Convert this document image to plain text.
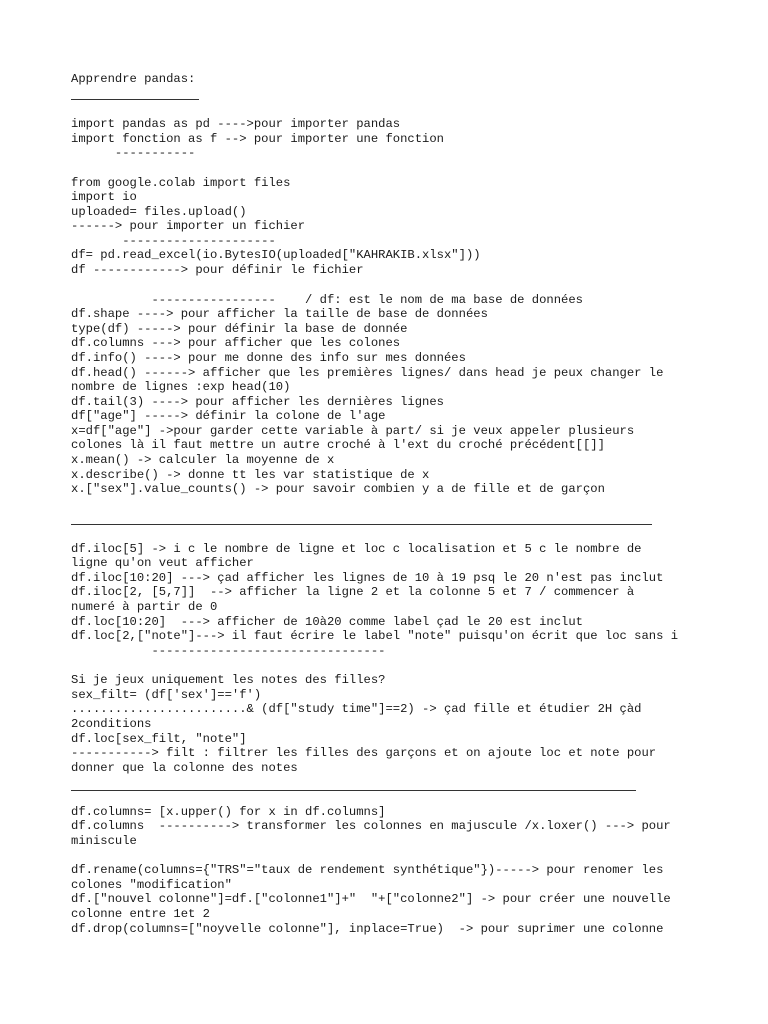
Apprendre pandas:
import pandas as pd ---->pour importer pandas
import fonction as f --> pour importer une fonction
-----------
from google.colab import files
import io
uploaded= files.upload()
------> pour importer un fichier
---------------------
df= pd.read_excel(io.BytesIO(uploaded["KAHRAKIB.xlsx"]))
df ------------> pour définir le fichier
-----------------    / df: est le nom de ma base de données
df.shape ----> pour afficher la taille de base de données
type(df) -----> pour définir la base de donnée
df.columns ---> pour afficher que les colones
df.info() ----> pour me donne des info sur mes données
df.head() ------> afficher que les premières lignes/ dans head je peux changer le
nombre de lignes :exp head(10)
df.tail(3) ----> pour afficher les dernières lignes
df["age"] -----> définir la colone de l'age
x=df["age"] ->pour garder cette variable à part/ si je veux appeler plusieurs
colones là il faut mettre un autre croché à l'ext du croché précédent[[]]
x.mean() -> calculer la moyenne de x
x.describe() -> donne tt les var statistique de x
x.["sex"].value_counts() -> pour savoir combien y a de fille et de garçon
df.iloc[5] -> i c le nombre de ligne et loc c localisation et 5 c le nombre de
ligne qu'on veut afficher
df.iloc[10:20] ---> çad afficher les lignes de 10 à 19 psq le 20 n'est pas inclut
df.iloc[2, [5,7]]  --> afficher la ligne 2 et la colonne 5 et 7 / commencer à
numeré à partir de 0
df.loc[10:20]  ---> afficher de 10à20 comme label çad le 20 est inclut
df.loc[2,["note"]---> il faut écrire le label "note" puisqu'on écrit que loc sans i
--------------------------------
Si je jeux uniquement les notes des filles?
sex_filt= (df['sex']=='f')
........................& (df["study time"]==2) -> çad fille et étudier 2H çàd
2conditions
df.loc[sex_filt, "note"]
-----------> filt : filtrer les filles des garçons et on ajoute loc et note pour
donner que la colonne des notes
df.columns= [x.upper() for x in df.columns]
df.columns  ----------> transformer les colonnes en majuscule /x.loxer() ---> pour
miniscule
df.rename(columns={"TRS"="taux de rendement synthétique"})-----> pour renomer les
colones "modification"
df.["nouvel colonne"]=df.["colonne1"]+"  "+["colonne2"] -> pour créer une nouvelle
colonne entre 1et 2
df.drop(columns=["noyvelle colonne"], inplace=True)  -> pour suprimer une colonne
